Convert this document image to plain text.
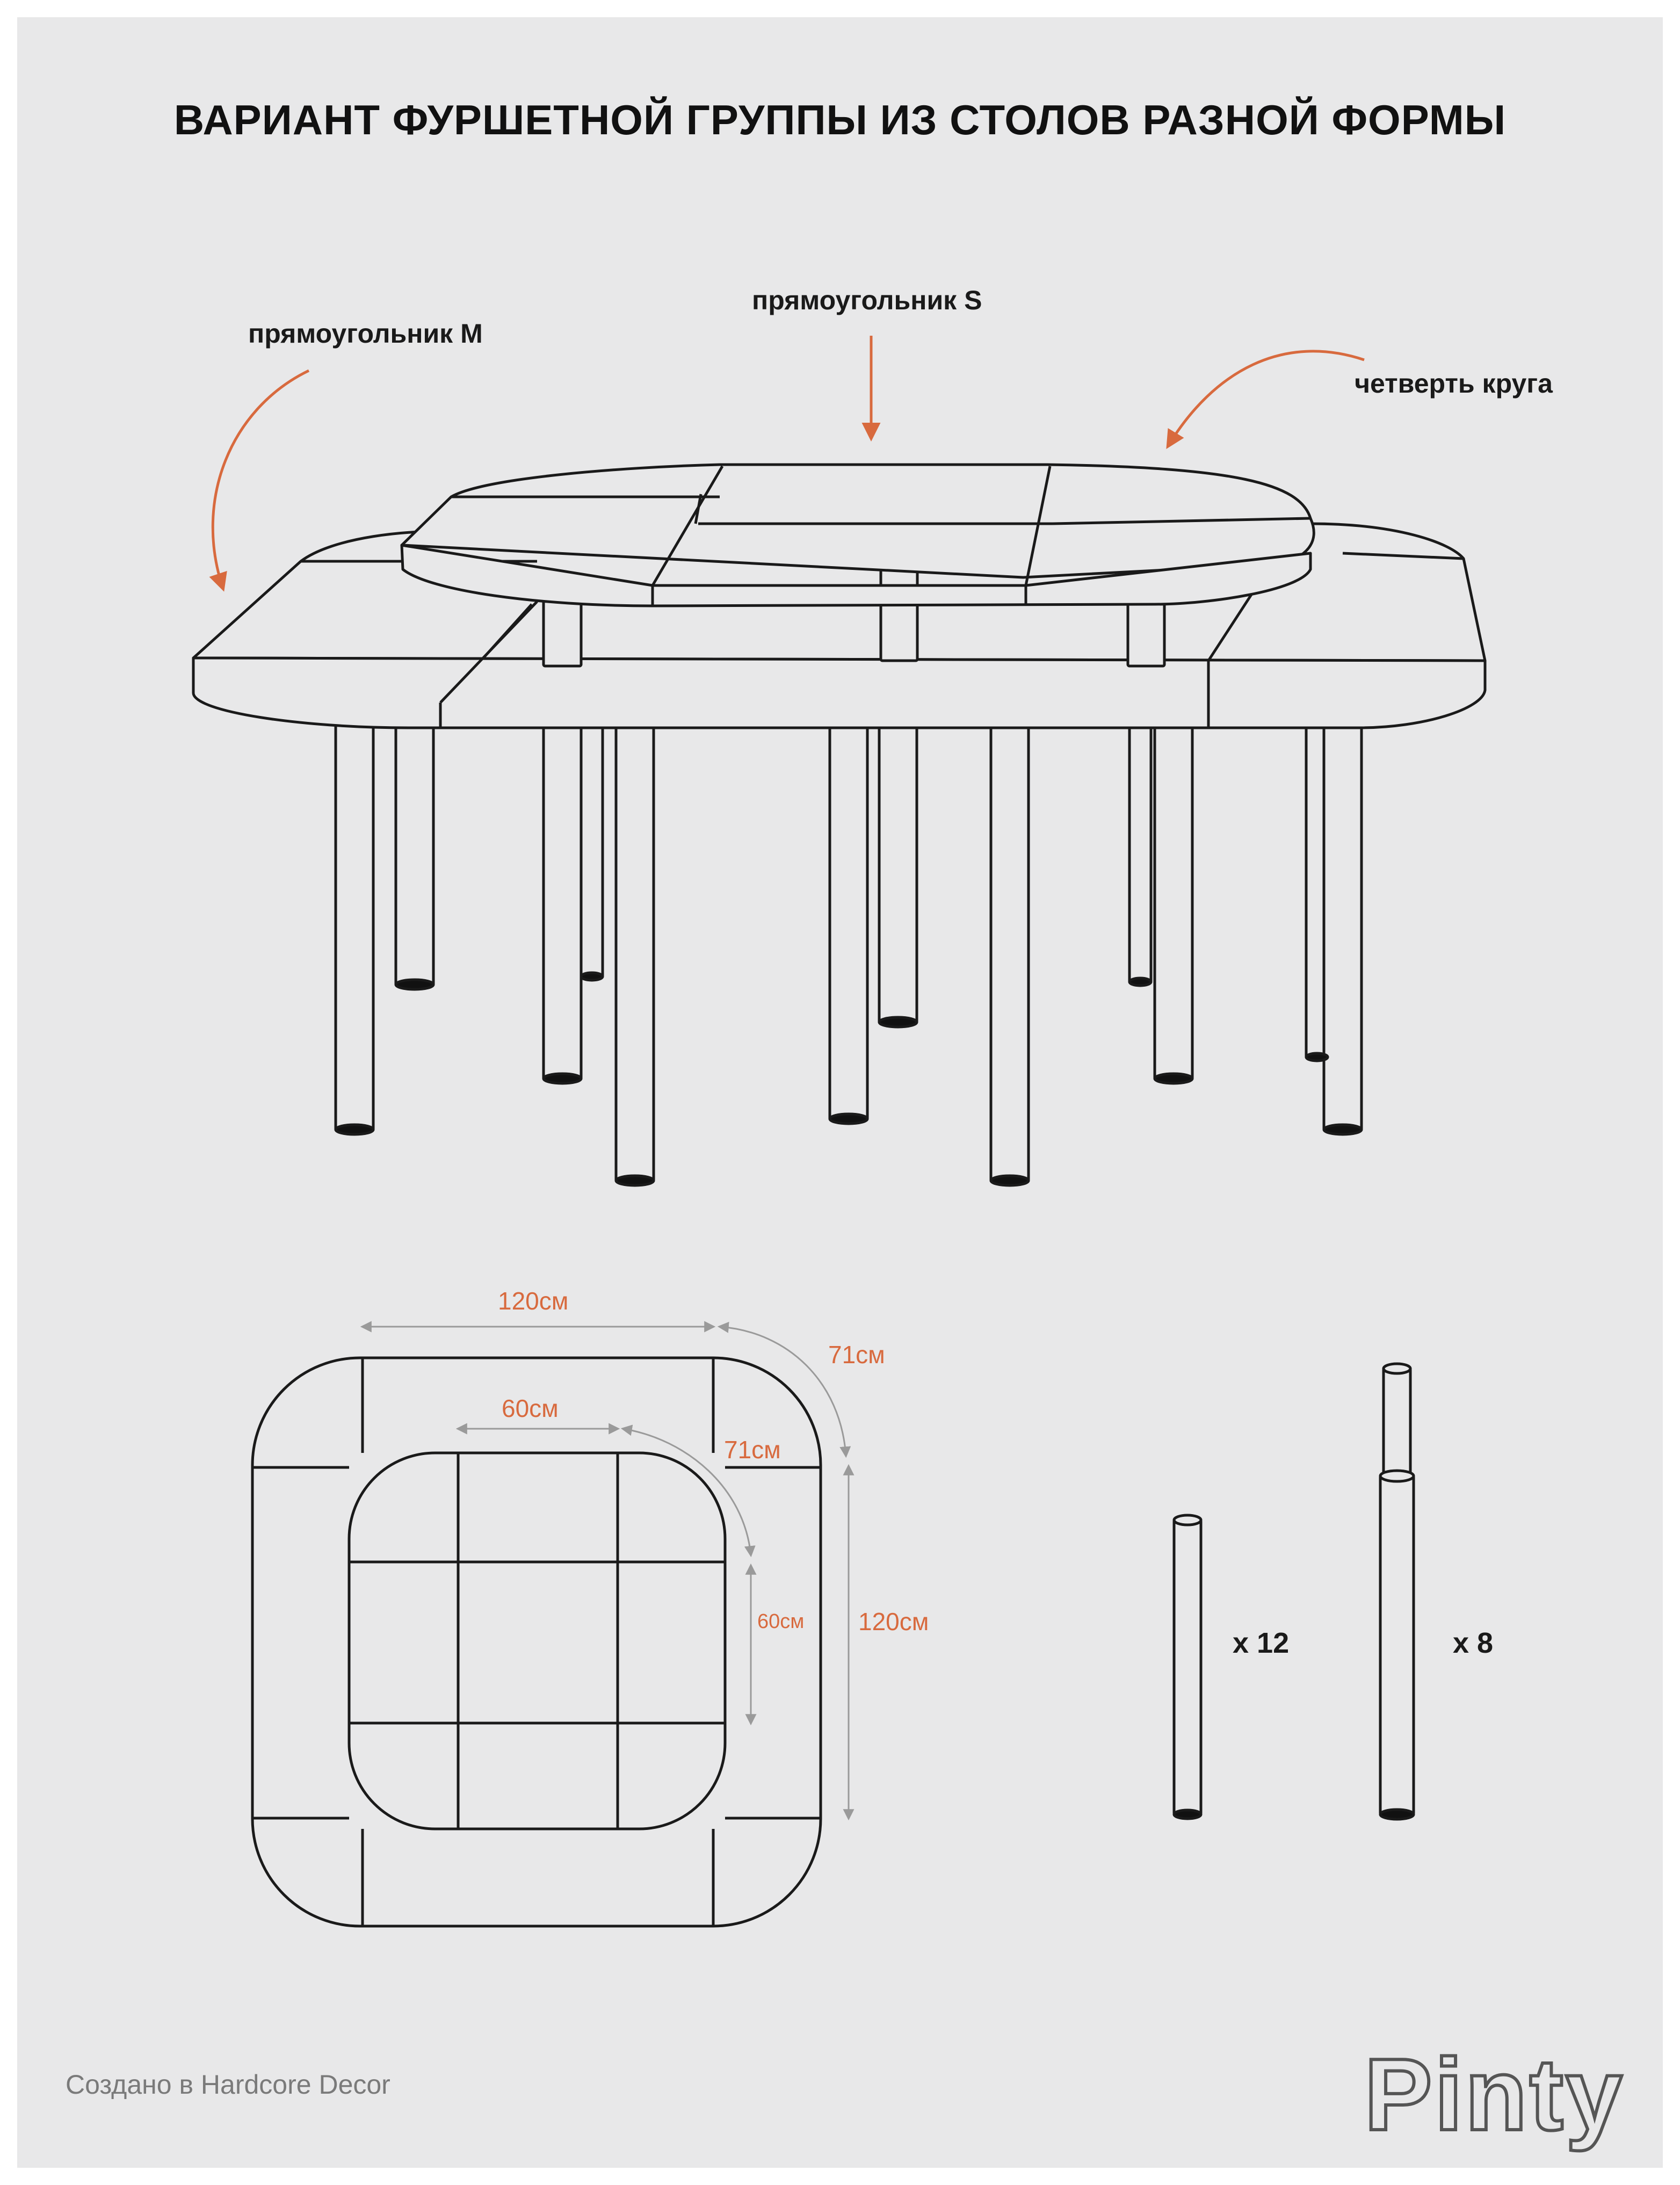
ВАРИАНТ ФУРШЕТНОЙ ГРУППЫ ИЗ СТОЛОВ РАЗНОЙ ФОРМЫ
прямоугольник M
прямоугольник S
четверть круга
120см
71см
60см
71см
60см 120см
x 12	x 8
Создано в Hardcore Decor	Pinty
